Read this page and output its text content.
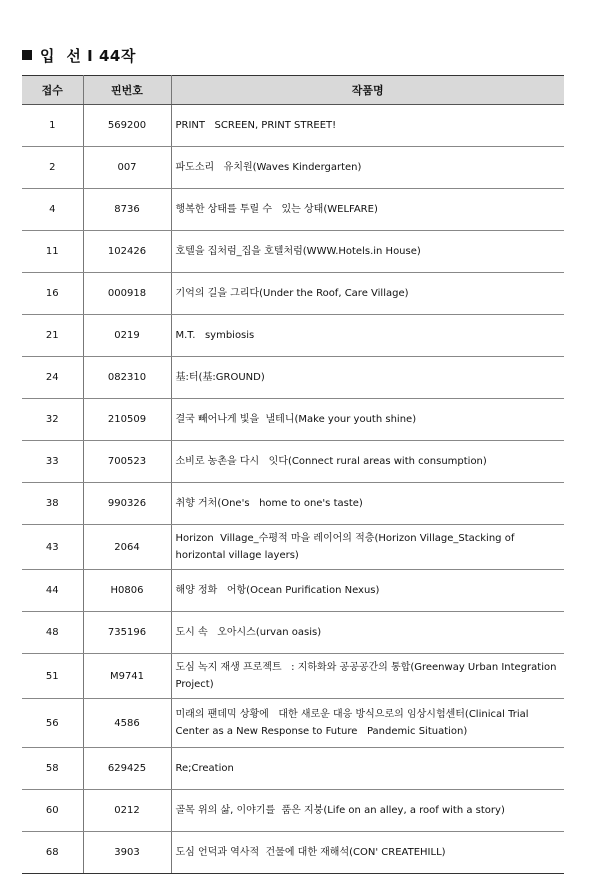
입  선 I 44작
접수	핀번호	작품명
1	569200	PRINT   SCREEN, PRINT STREET!
2	007	파도소리   유치원(Waves Kindergarten)
4	8736	행복한 상태를 투릴 수   있는 상태(WELFARE)
11	102426	호텔을 집처럼_집을 호텔처럼(WWW.Hotels.in House)
16	000918	기억의 길을 그리다(Under the Roof, Care Village)
21	0219	M.T.   symbiosis
24	082310	基:터(基:GROUND)
32	210509	결국 빼어나게 빛을  낼테니(Make your youth shine)
33	700523	소비로 농촌을 다시   잇다(Connect rural areas with consumption)
38	990326	취향 거처(One's   home to one's taste)
43	2064	Horizon  Village_수평적 마을 레이어의 적층(Horizon Village_Stacking of horizontal village layers)
44	H0806	해양 정화   어항(Ocean Purification Nexus)
48	735196	도시 속   오아시스(urvan oasis)
51	M9741	도심 녹지 재생 프로젝트   : 지하화와 공공공간의 통합(Greenway Urban Integration Project)
56	4586	미래의 팬데믹 상황에   대한 새로운 대응 방식으로의 임상시험센터(Clinical Trial Center as a New Response to Future   Pandemic Situation)
58	629425	Re;Creation
60	0212	골목 위의 삶, 이야기를  품은 지붕(Life on an alley, a roof with a story)
68	3903	도심 언덕과 역사적  건물에 대한 재해석(CON' CREATEHILL)
